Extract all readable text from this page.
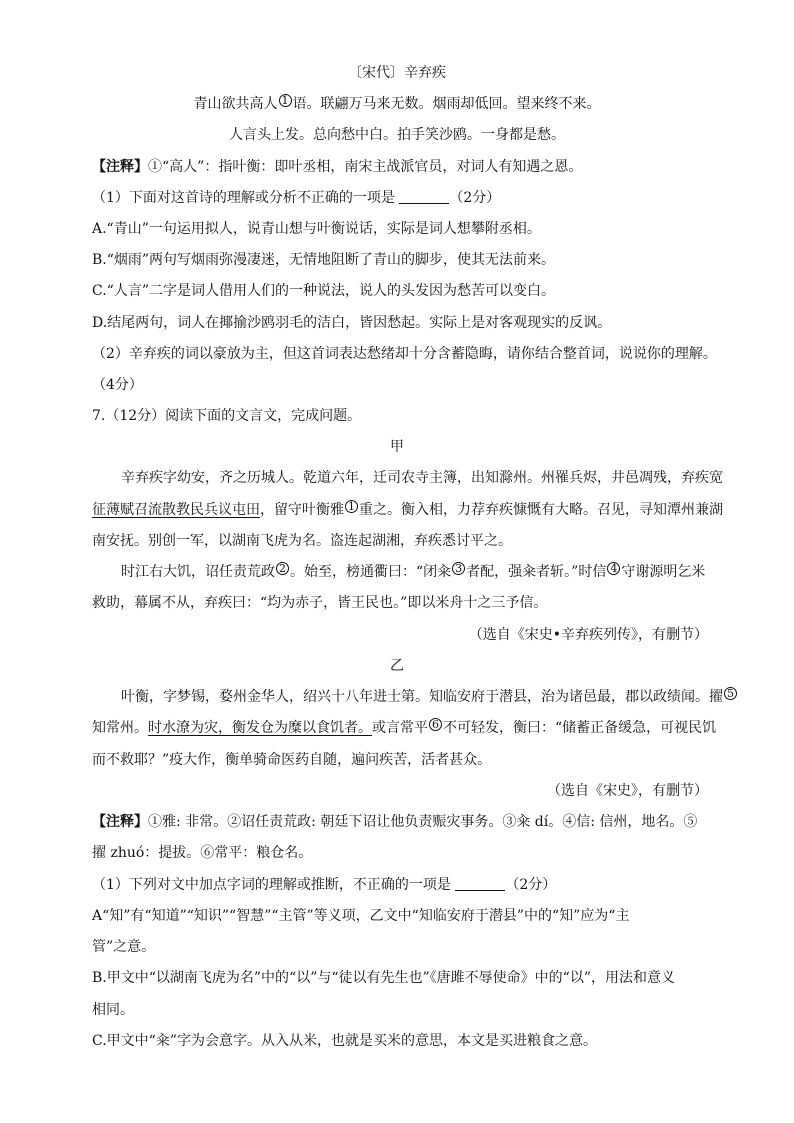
〔宋代〕辛弃疾
青山欲共高人 1 语。联翩万马来无数。烟雨却低回。望来终不来。
人言头上发。总向愁中白。拍手笑沙鸥。一身都是愁。
【注释】①“高人”：指叶衡：即叶丞相，南宋主战派官员，对词人有知遇之恩。
（1）下面对这首诗的理解或分析不正确的一项是	（2分）
A.“青山”一句运用拟人，说青山想与叶衡说话，实际是词人想攀附丞相。
B.“烟雨”两句写烟雨弥漫凄迷，无情地阻断了青山的脚步，使其无法前来。
C.“人言”二字是词人借用人们的一种说法，说人的头发因为愁苦可以变白。
D.结尾两句，词人在揶揄沙鸥羽毛的洁白，皆因愁起。实际上是对客观现实的反讽。
（2）辛弃疾的词以豪放为主，但这首词表达愁绪却十分含蓄隐晦，请你结合整首词，说说你的理解。
（4分）
7.（12分）阅读下面的文言文，完成问题。
甲
辛弃疾字幼安，齐之历城人。乾道六年，迁司农寺主簿，出知滁州。州罹兵烬，井邑凋残，弃疾宽
征薄赋召流散教民兵议屯田，留守叶衡雅 1 重之。衡入相，力荐弃疾慷慨有大略。召见，寻知潭州兼湖
南安抚。别创一军，以湖南飞虎为名。盗连起湖湘，弃疾悉讨平之。
时江右大饥，诏任责荒政 2 。始至，榜通衢曰：“闭籴 3 者配，强籴者斩。”时信 4 守谢源明乞米
救助，幕属不从，弃疾曰：“均为赤子，皆王民也。”即以米舟十之三予信。
（选自《宋史•辛弃疾列传》，有删节）
乙
叶衡，字梦锡，婺州金华人，绍兴十八年进士第。知临安府于潜县，治为诸邑最，郡以政绩闻。擢 5
知常州。时水潦为灾，衡发仓为糜以食饥者。或言常平 6 不可轻发，衡曰：“储蓄正备缓急，可视民饥
而不救耶？”疫大作，衡单骑命医药自随，遍问疾苦，活者甚众。
（选自《宋史》，有删节）
【注释】①雅: 非常。②诏任责荒政: 朝廷下诏让他负责赈灾事务。③籴 dí。④信: 信州，地名。⑤
擢 zhuó：提拔。⑥常平：粮仓名。
（1）下列对文中加点字词的理解或推断，不正确的一项是	（2分）
A“知”有“知道”“知识”“智慧”“主管”等义项，乙文中“知临安府于潜县”中的“知”应为“主
管”之意。
B.甲文中“以湖南飞虎为名”中的“以”与“徒以有先生也”《唐雎不辱使命》中的“以”，用法和意义
相同。
C.甲文中“籴”字为会意字。从入从米，也就是买米的意思，本文是买进粮食之意。
